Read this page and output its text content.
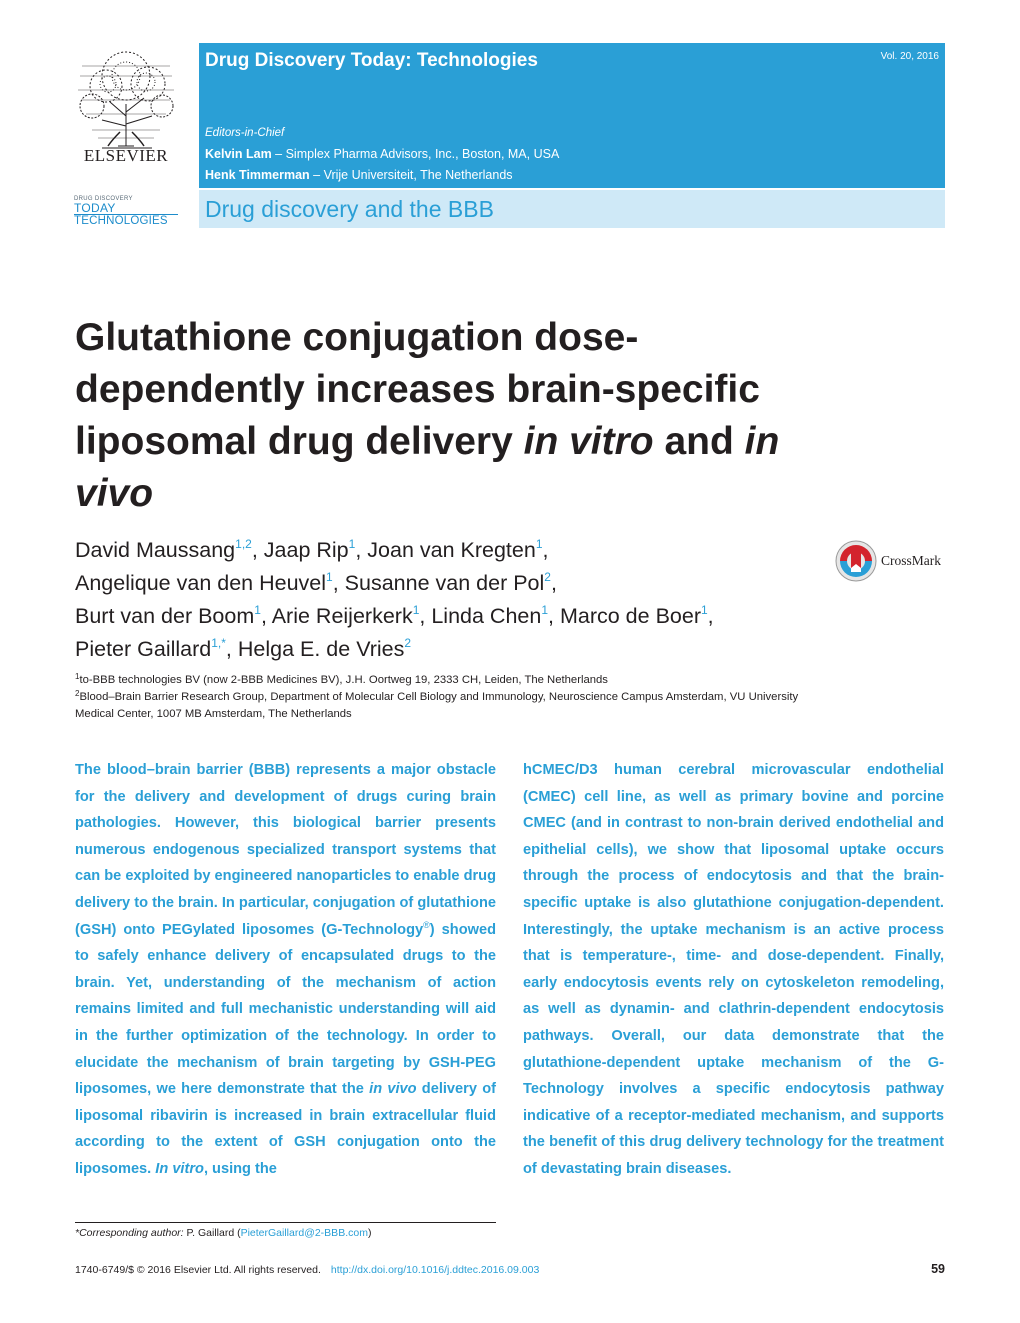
ELSEVIER
DRUG DISCOVERY
TODAY
TECHNOLOGIES
Drug Discovery Today: Technologies	Vol. 20, 2016
Editors-in-Chief
Kelvin Lam – Simplex Pharma Advisors, Inc., Boston, MA, USA
Henk Timmerman – Vrije Universiteit, The Netherlands
Drug discovery and the BBB
Glutathione conjugation dose-dependently increases brain-specific liposomal drug delivery in vitro and in vivo
David Maussang$^{1,2}$, Jaap Rip$^1$, Joan van Kregten$^1$,
Angelique van den Heuvel$^1$, Susanne van der Pol$^2$,
Burt van der Boom$^1$, Arie Reijerkerk$^1$, Linda Chen$^1$, Marco de Boer$^1$,
Pieter Gaillard$^{1,*}$, Helga E. de Vries$^2$
CrossMark
$^1$to-BBB technologies BV (now 2-BBB Medicines BV), J.H. Oortweg 19, 2333 CH, Leiden, The Netherlands
$^2$Blood–Brain Barrier Research Group, Department of Molecular Cell Biology and Immunology, Neuroscience Campus Amsterdam, VU University Medical Center, 1007 MB Amsterdam, The Netherlands
The blood–brain barrier (BBB) represents a major obstacle for the delivery and development of drugs curing brain pathologies. However, this biological barrier presents numerous endogenous specialized transport systems that can be exploited by engineered nanoparticles to enable drug delivery to the brain. In particular, conjugation of glutathione (GSH) onto PEGylated liposomes (G-Technology®) showed to safely enhance delivery of encapsulated drugs to the brain. Yet, understanding of the mechanism of action remains limited and full mechanistic understanding will aid in the further optimization of the technology. In order to elucidate the mechanism of brain targeting by GSH-PEG liposomes, we here demonstrate that the in vivo delivery of liposomal ribavirin is increased in brain extracellular fluid according to the extent of GSH conjugation onto the liposomes. In vitro, using the
hCMEC/D3 human cerebral microvascular endothelial (CMEC) cell line, as well as primary bovine and porcine CMEC (and in contrast to non-brain derived endothelial and epithelial cells), we show that liposomal uptake occurs through the process of endocytosis and that the brain-specific uptake is also glutathione conjugation-dependent. Interestingly, the uptake mechanism is an active process that is temperature-, time- and dose-dependent. Finally, early endocytosis events rely on cytoskeleton remodeling, as well as dynamin- and clathrin-dependent endocytosis pathways. Overall, our data demonstrate that the glutathione-dependent uptake mechanism of the G-Technology involves a specific endocytosis pathway indicative of a receptor-mediated mechanism, and supports the benefit of this drug delivery technology for the treatment of devastating brain diseases.
*Corresponding author: P. Gaillard (PieterGaillard@2-BBB.com)
1740-6749/$ © 2016 Elsevier Ltd. All rights reserved. http://dx.doi.org/10.1016/j.ddtec.2016.09.003	59
